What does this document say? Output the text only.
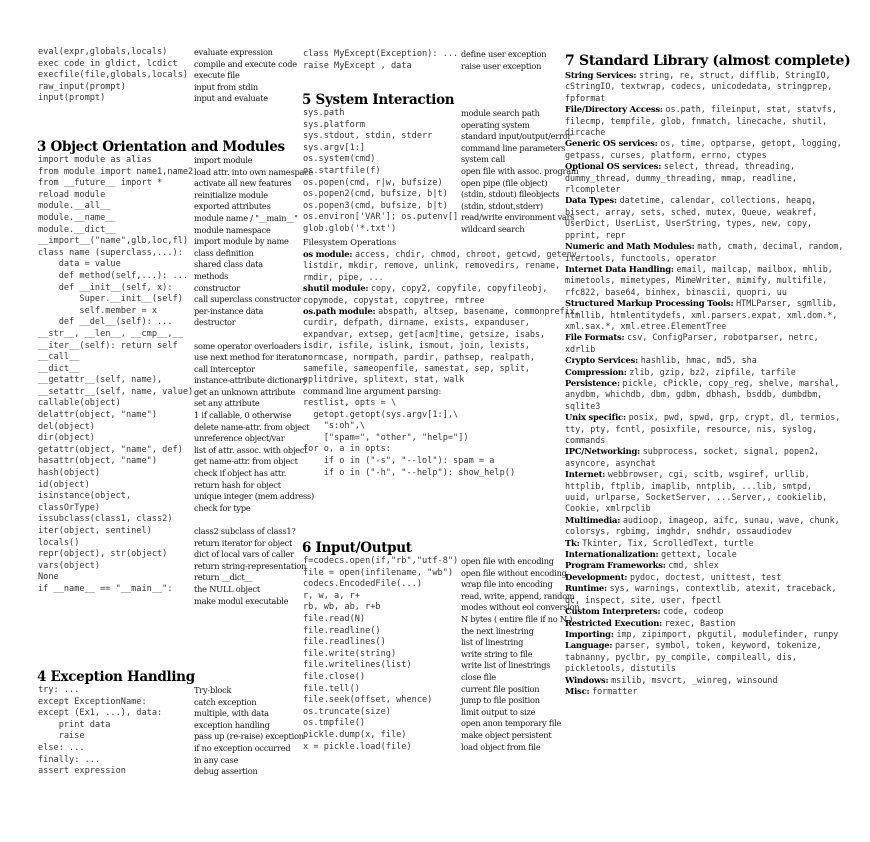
eval(expr,globals,locals)
exec code in gldict, lcdict
execfile(file,globals,locals)
raw_input(prompt)
input(prompt)
evaluate expression
compile and execute code
execute file
input from stdin
input and evaluate
3 Object Orientation and Modules
import module as alias
from module import name1,name2
from __future__ import *
reload module
module.__all__
module.__name__
module.__dict__
__import__("name",glb,loc,fl)
class name (superclass,...):
data = value
def method(self,...): ...
def __init__(self, x):
Super.__init__(self)
self.member = x
def __del__(self): ...
__str__, __len__, __cmp__,__
__iter__(self): return self
__call__
__dict__
__getattr__(self, name),
__setattr__(self, name, value)
callable(object)
delattr(object, "name")
del(object)
dir(object)
getattr(object, "name", def)
hasattr(object, "name")
hash(object)
id(object)
isinstance(object,
classOrType)
issubclass(class1, class2)
iter(object, sentinel)
locals()
repr(object), str(object)
vars(object)
None
if __name__ == "__main__":
import module
load attr. into own namespace
activate all new features
reinitialize module
exported attributes
module name / "__main__"
module namespace
import module by name
class definition
shared class data
methods
constructor
call superclass constructor
per-instance data
destructor

some operator overloaders
use next method for iterator
call interceptor
instance-attribute dictionary
get an unknown attribute
set any attribute
1 if callable, 0 otherwise
delete name-attr. from object
unreference object/var
list of attr. assoc. with object
get name-attr. from object
check if object has attr.
return hash for object
unique integer (mem address)
check for type

class2 subclass of class1?
return iterator for object
dict of local vars of caller
return string-representation
return __dict__
the NULL object
make modul executable
4 Exception Handling
try: ...
except ExceptionName:
except (Ex1, ...), data:
print data
raise
else: ...
finally: ...
assert expression
Try-block
catch exception
multiple, with data
exception handling
pass up (re-raise) exception
if no exception occurred
in any case
debug assertion
class MyExcept(Exception): ...
raise MyExcept , data
define user exception
raise user exception
5 System Interaction
sys.path
sys.platform
sys.stdout, stdin, stderr
sys.argv[1:]
os.system(cmd)
os.startfile(f)
os.popen(cmd, r|w, bufsize)
os.popen2(cmd, bufsize, b|t)
os.popen3(cmd, bufsize, b|t)
os.environ['VAR']; os.putenv[]
glob.glob('*.txt')
module search path
operating system
standard input/output/error
command line parameters
system call
open file with assoc. program
open pipe (file object)
(stdin, stdout) fileobjects
(stdin, stdout,stderr)
read/write environment vars
wildcard search
Filesystem Operations
os module: access, chdir, chmod, chroot, getcwd, getenv,
listdir, mkdir, remove, unlink, removedirs, rename,
rmdir, pipe, ...
shutil module: copy, copy2, copyfile, copyfileobj,
copymode, copystat, copytree, rmtree
os.path module: abspath, altsep, basename, commonprefix,
curdir, defpath, dirname, exists, expanduser,
expandvar, extsep, get[acm]time, getsize, isabs,
isdir, isfile, islink, ismout, join, lexists,
normcase, normpath, pardir, pathsep, realpath,
samefile, sameopenfile, samestat, sep, split,
splitdrive, splitext, stat, walk
command line argument parsing:
restlist, opts = \
getopt.getopt(sys.argv[1:],\
"s:oh",\
["spam=", "other", "help="])
for o, a in opts:
if o in ("-s", "--lol"): spam = a
if o in ("-h", "--help"): show_help()
6 Input/Output
f=codecs.open(if,"rb","utf-8")
file = open(infilename, "wb")
codecs.EncodedFile(...)
r, w, a, r+
rb, wb, ab, r+b
file.read(N)
file.readline()
file.readlines()
file.write(string)
file.writelines(list)
file.close()
file.tell()
file.seek(offset, whence)
os.truncate(size)
os.tmpfile()
pickle.dump(x, file)
x = pickle.load(file)
open file with encoding
open file without encoding
wrap file into encoding
read, write, append, random
modes without eol conversion
N bytes ( entire file if no N )
the next linestring
list of linestring
write string to file
write list of linestrings
close file
current file position
jump to file position
limit output to size
open anon temporary file
make object persistent
load object from file
7 Standard Library (almost complete)
String Services: string, re, struct, difflib, StringIO,
cStringIO, textwrap, codecs, unicodedata, stringprep,
fpformat
File/Directory Access: os.path, fileinput, stat, statvfs,
filecmp, tempfile, glob, fnmatch, linecache, shutil,
dircache
Generic OS services: os, time, optparse, getopt, logging,
getpass, curses, platform, errno, ctypes
Optional OS services: select, thread, threading,
dummy_thread, dummy_threading, mmap, readline,
rlcompleter
Data Types: datetime, calendar, collections, heapq,
bisect, array, sets, sched, mutex, Queue, weakref,
UserDict, UserList, UserString, types, new, copy,
pprint, repr
Numeric and Math Modules: math, cmath, decimal, random,
itertools, functools, operator
Internet Data Handling: email, mailcap, mailbox, mhlib,
mimetools, mimetypes, MimeWriter, mimify, multifile,
rfc822, base64, binhex, binascii, quopri, uu
Structured Markup Processing Tools: HTMLParser, sgmllib,
htmllib, htmlentitydefs, xml.parsers.expat, xml.dom.*,
xml.sax.*, xml.etree.ElementTree
File Formats: csv, ConfigParser, robotparser, netrc,
xdrlib
Crypto Services: hashlib, hmac, md5, sha
Compression: zlib, gzip, bz2, zipfile, tarfile
Persistence: pickle, cPickle, copy_reg, shelve, marshal,
anydbm, whichdb, dbm, gdbm, dbhash, bsddb, dumbdbm,
sqlite3
Unix specific: posix, pwd, spwd, grp, crypt, dl, termios,
tty, pty, fcntl, posixfile, resource, nis, syslog,
commands
IPC/Networking: subprocess, socket, signal, popen2,
asyncore, asynchat
Internet: webbrowser, cgi, scitb, wsgiref, urllib,
httplib, ftplib, imaplib, nntplib, ...lib, smtpd,
uuid, urlparse, SocketServer, ...Server,, cookielib,
Cookie, xmlrpclib
Multimedia: audioop, imageop, aifc, sunau, wave, chunk,
colorsys, rgbimg, imghdr, sndhdr, ossaudiodev
Tk: Tkinter, Tix, ScrolledText, turtle
Internationalization: gettext, locale
Program Frameworks: cmd, shlex
Development: pydoc, doctest, unittest, test
Runtime: sys, warnings, contextlib, atexit, traceback,
qc, inspect, site, user, fpectl
Custom Interpreters: code, codeop
Restricted Execution: rexec, Bastion
Importing: imp, zipimport, pkgutil, modulefinder, runpy
Language: parser, symbol, token, keyword, tokenize,
tabnanny, pyclbr, py_compile, compileall, dis,
pickletools, distutils
Windows: msilib, msvcrt, _winreg, winsound
Misc: formatter
